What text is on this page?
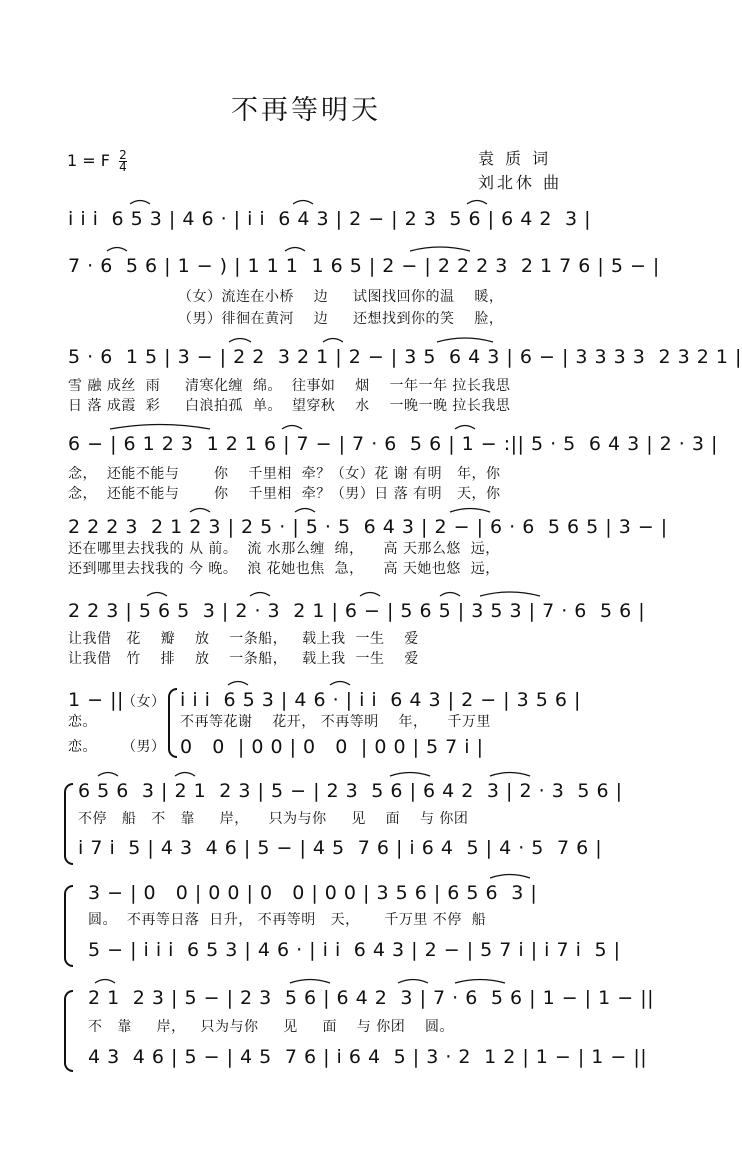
不再等明天
1 = F $\frac{2}{4}$	袁 质 词
刘北休 曲
i i i  6 5 3 | 4 6 · | i i  6 4 3 | 2 − | 2 3  5 6 | 6 4 2  3 |
7 · 6  5 6 | 1 − ) | 1 1 1  1 6 5 | 2 − | 2 2 2 3  2 1 7 6 | 5 − |
（女）流连在小桥    边     试图找回你的温    暖，
（男）徘徊在黄河    边     还想找到你的笑    脸，
5 · 6  1 5 | 3 − | 2 2  3 2 1 | 2 − | 3 5  6 4 3 | 6 − | 3 3 3 3  2 3 2 1 |
雪 融 成丝  雨     清寒化缠  绵。  往事如    烟    一年一年 拉长我思
日 落 成霞  彩     白浪拍孤  单。  望穿秋    水    一晚一晚 拉长我思
6 − | 6 1 2 3  1 2 1 6 | 7 − | 7 · 6  5 6 | 1 − :|| 5 · 5  6 4 3 | 2 · 3 |
念，  还能不能与       你    千里相  牵？（女）花 谢 有明   年，你
念，  还能不能与       你    千里相  牵？（男）日 落 有明   天，你
2 2 2 3  2 1 2 3 | 2 5 · | 5 · 5  6 4 3 | 2 − | 6 · 6  5 6 5 | 3 − |
还在哪里去找我的 从 前。  流 水那么缠  绵，    高 天那么悠  远，
还到哪里去找我的 今 晚。  浪 花她也焦  急，    高 天她也悠  远，
2 2 3 | 5 6 5  3 | 2 · 3  2 1 | 6 − | 5 6 5 | 3 5 3 | 7 · 6  5 6 |
让我借   花    瓣    放    一条船，   载上我  一生    爱
让我借   竹    排    放    一条船，   载上我  一生    爱
1 − ||	i i i  6 5 3 | 4 6 · | i i  6 4 3 | 2 − | 3 5 6 |
0   0  | 0 0 | 0   0  | 0 0 | 5 7 i |
恋。
（女）
不再等花谢    花开， 不再等明    年，    千万里
恋。 （男）
6 5 6  3 | 2 1  2 3 | 5 − | 2 3  5 6 | 6 4 2  3 | 2 · 3  5 6 |
不停   船   不   靠     岸，    只为与你     见    面    与 你团
i 7 i  5 | 4 3  4 6 | 5 − | 4 5  7 6 | i 6 4  5 | 4 · 5  7 6 |
3 − | 0   0 | 0 0 | 0   0 | 0 0 | 3 5 6 | 6 5 6  3 |
圆。  不再等日落  日升， 不再等明   天，     千万里 不停  船
5 − | i i i  6 5 3 | 4 6 · | i i  6 4 3 | 2 − | 5 7 i | i 7 i  5 |
2 1  2 3 | 5 − | 2 3  5 6 | 6 4 2  3 | 7 · 6  5 6 | 1 − | 1 − ||
不   靠     岸，   只为与你     见     面    与 你团    圆。
4 3  4 6 | 5 − | 4 5  7 6 | i 6 4  5 | 3 · 2  1 2 | 1 − | 1 − ||
